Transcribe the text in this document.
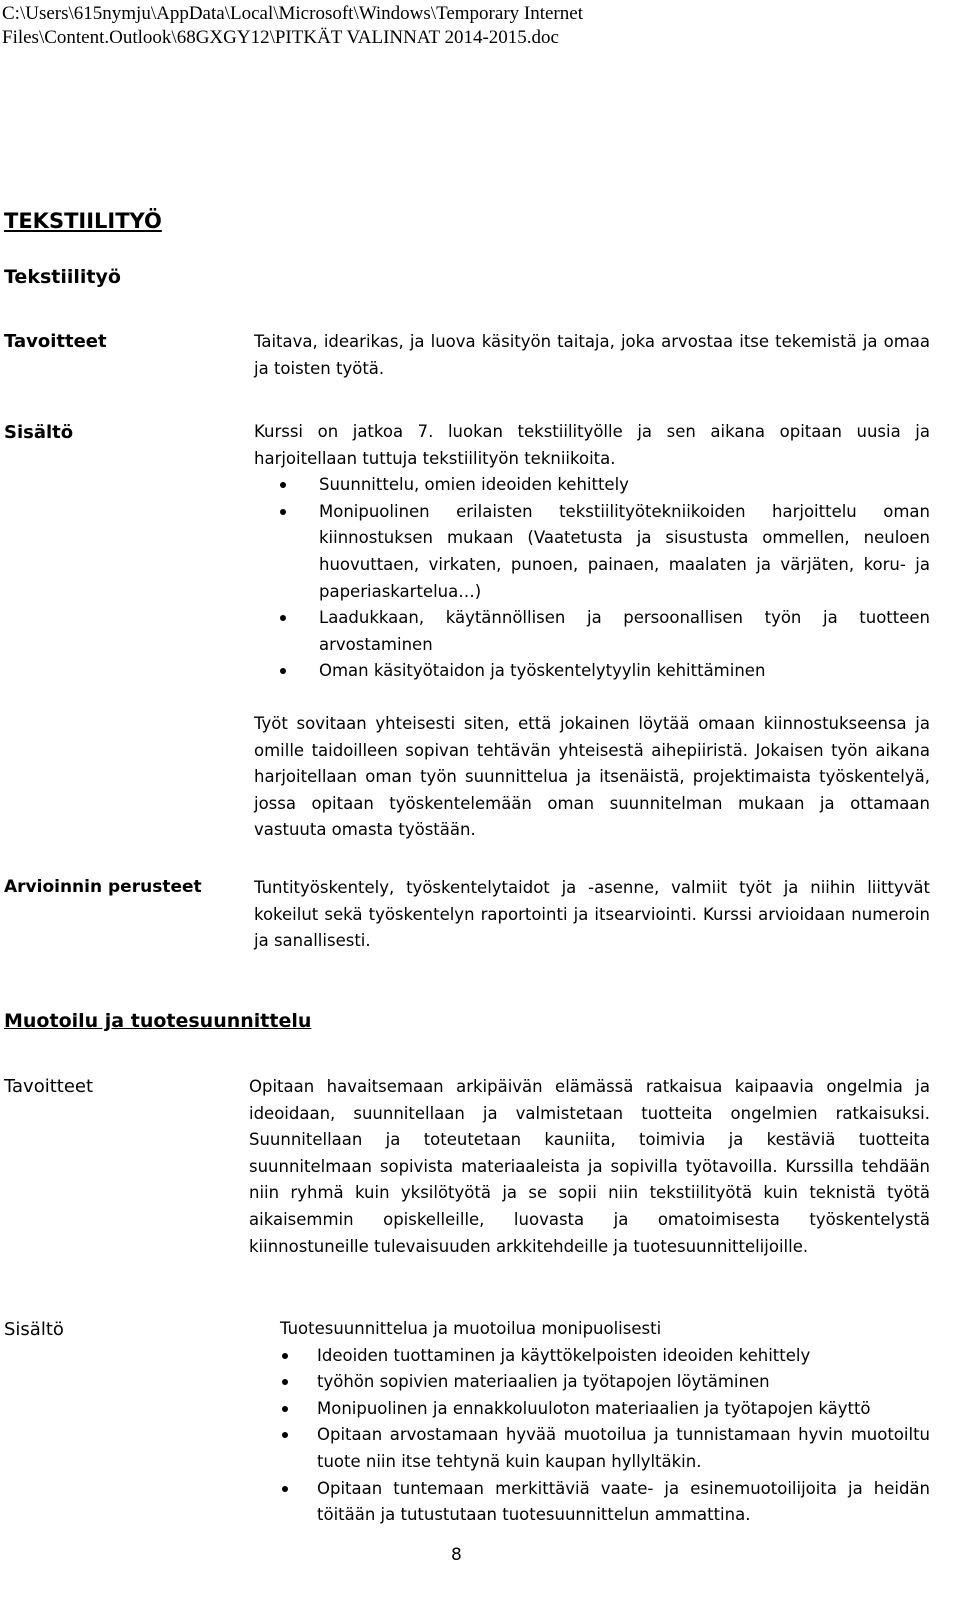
C:\Users\615nymju\AppData\Local\Microsoft\Windows\Temporary Internet
Files\Content.Outlook\68GXGY12\PITKÄT VALINNAT 2014-2015.doc
TEKSTIILITYÖ
Tekstiilityö
Tavoitteet	Taitava, idearikas, ja luova käsityön taitaja, joka arvostaa itse tekemistä ja omaa ja toisten työtä.

Sisältö	Kurssi on jatkoa 7. luokan tekstiilityölle ja sen aikana opitaan uusia ja harjoitellaan tuttuja tekstiilityön tekniikoita.

Suunnittelu, omien ideoiden kehittely
Monipuolinen erilaisten tekstiilityötekniikoiden harjoittelu oman kiinnostuksen mukaan (Vaatetusta ja sisustusta ommellen, neuloen huovuttaen, virkaten, punoen, painaen, maalaten ja värjäten, koru- ja paperiaskartelua…)
Laadukkaan, käytännöllisen ja persoonallisen työn ja tuotteen arvostaminen
Oman käsityötaidon ja työskentelytyylin kehittäminen

Työt sovitaan yhteisesti siten, että jokainen löytää omaan kiinnostukseensa ja omille taidoilleen sopivan tehtävän yhteisestä aihepiiristä. Jokaisen työn aikana harjoitellaan oman työn suunnittelua ja itsenäistä, projektimaista työskentelyä, jossa opitaan työskentelemään oman suunnitelman mukaan ja ottamaan vastuuta omasta työstään.

Arvioinnin perusteet	Tuntityöskentely, työskentelytaidot ja -asenne, valmiit työt ja niihin liittyvät kokeilut sekä työskentelyn raportointi ja itsearviointi. Kurssi arvioidaan numeroin ja sanallisesti.

Muotoilu ja tuotesuunnittelu
Tavoitteet	Opitaan havaitsemaan arkipäivän elämässä ratkaisua kaipaavia ongelmia ja ideoidaan, suunnitellaan ja valmistetaan tuotteita ongelmien ratkaisuksi. Suunnitellaan ja toteutetaan kauniita, toimivia ja kestäviä tuotteita suunnitelmaan sopivista materiaaleista ja sopivilla työtavoilla. Kurssilla tehdään niin ryhmä kuin yksilötyötä ja se sopii niin tekstiilityötä kuin teknistä työtä aikaisemmin opiskelleille, luovasta ja omatoimisesta työskentelystä kiinnostuneille tulevaisuuden arkkitehdeille ja tuotesuunnittelijoille.

Sisältö	Tuotesuunnittelua ja muotoilua monipuolisesti

Ideoiden tuottaminen ja käyttökelpoisten ideoiden kehittely
työhön sopivien materiaalien ja työtapojen löytäminen
Monipuolinen ja ennakkoluuloton materiaalien ja työtapojen käyttö
Opitaan arvostamaan hyvää muotoilua ja tunnistamaan hyvin muotoiltu tuote niin itse tehtynä kuin kaupan hyllyltäkin.
Opitaan tuntemaan merkittäviä vaate- ja esinemuotoilijoita ja heidän töitään ja tutustutaan tuotesuunnittelun ammattina.
8
